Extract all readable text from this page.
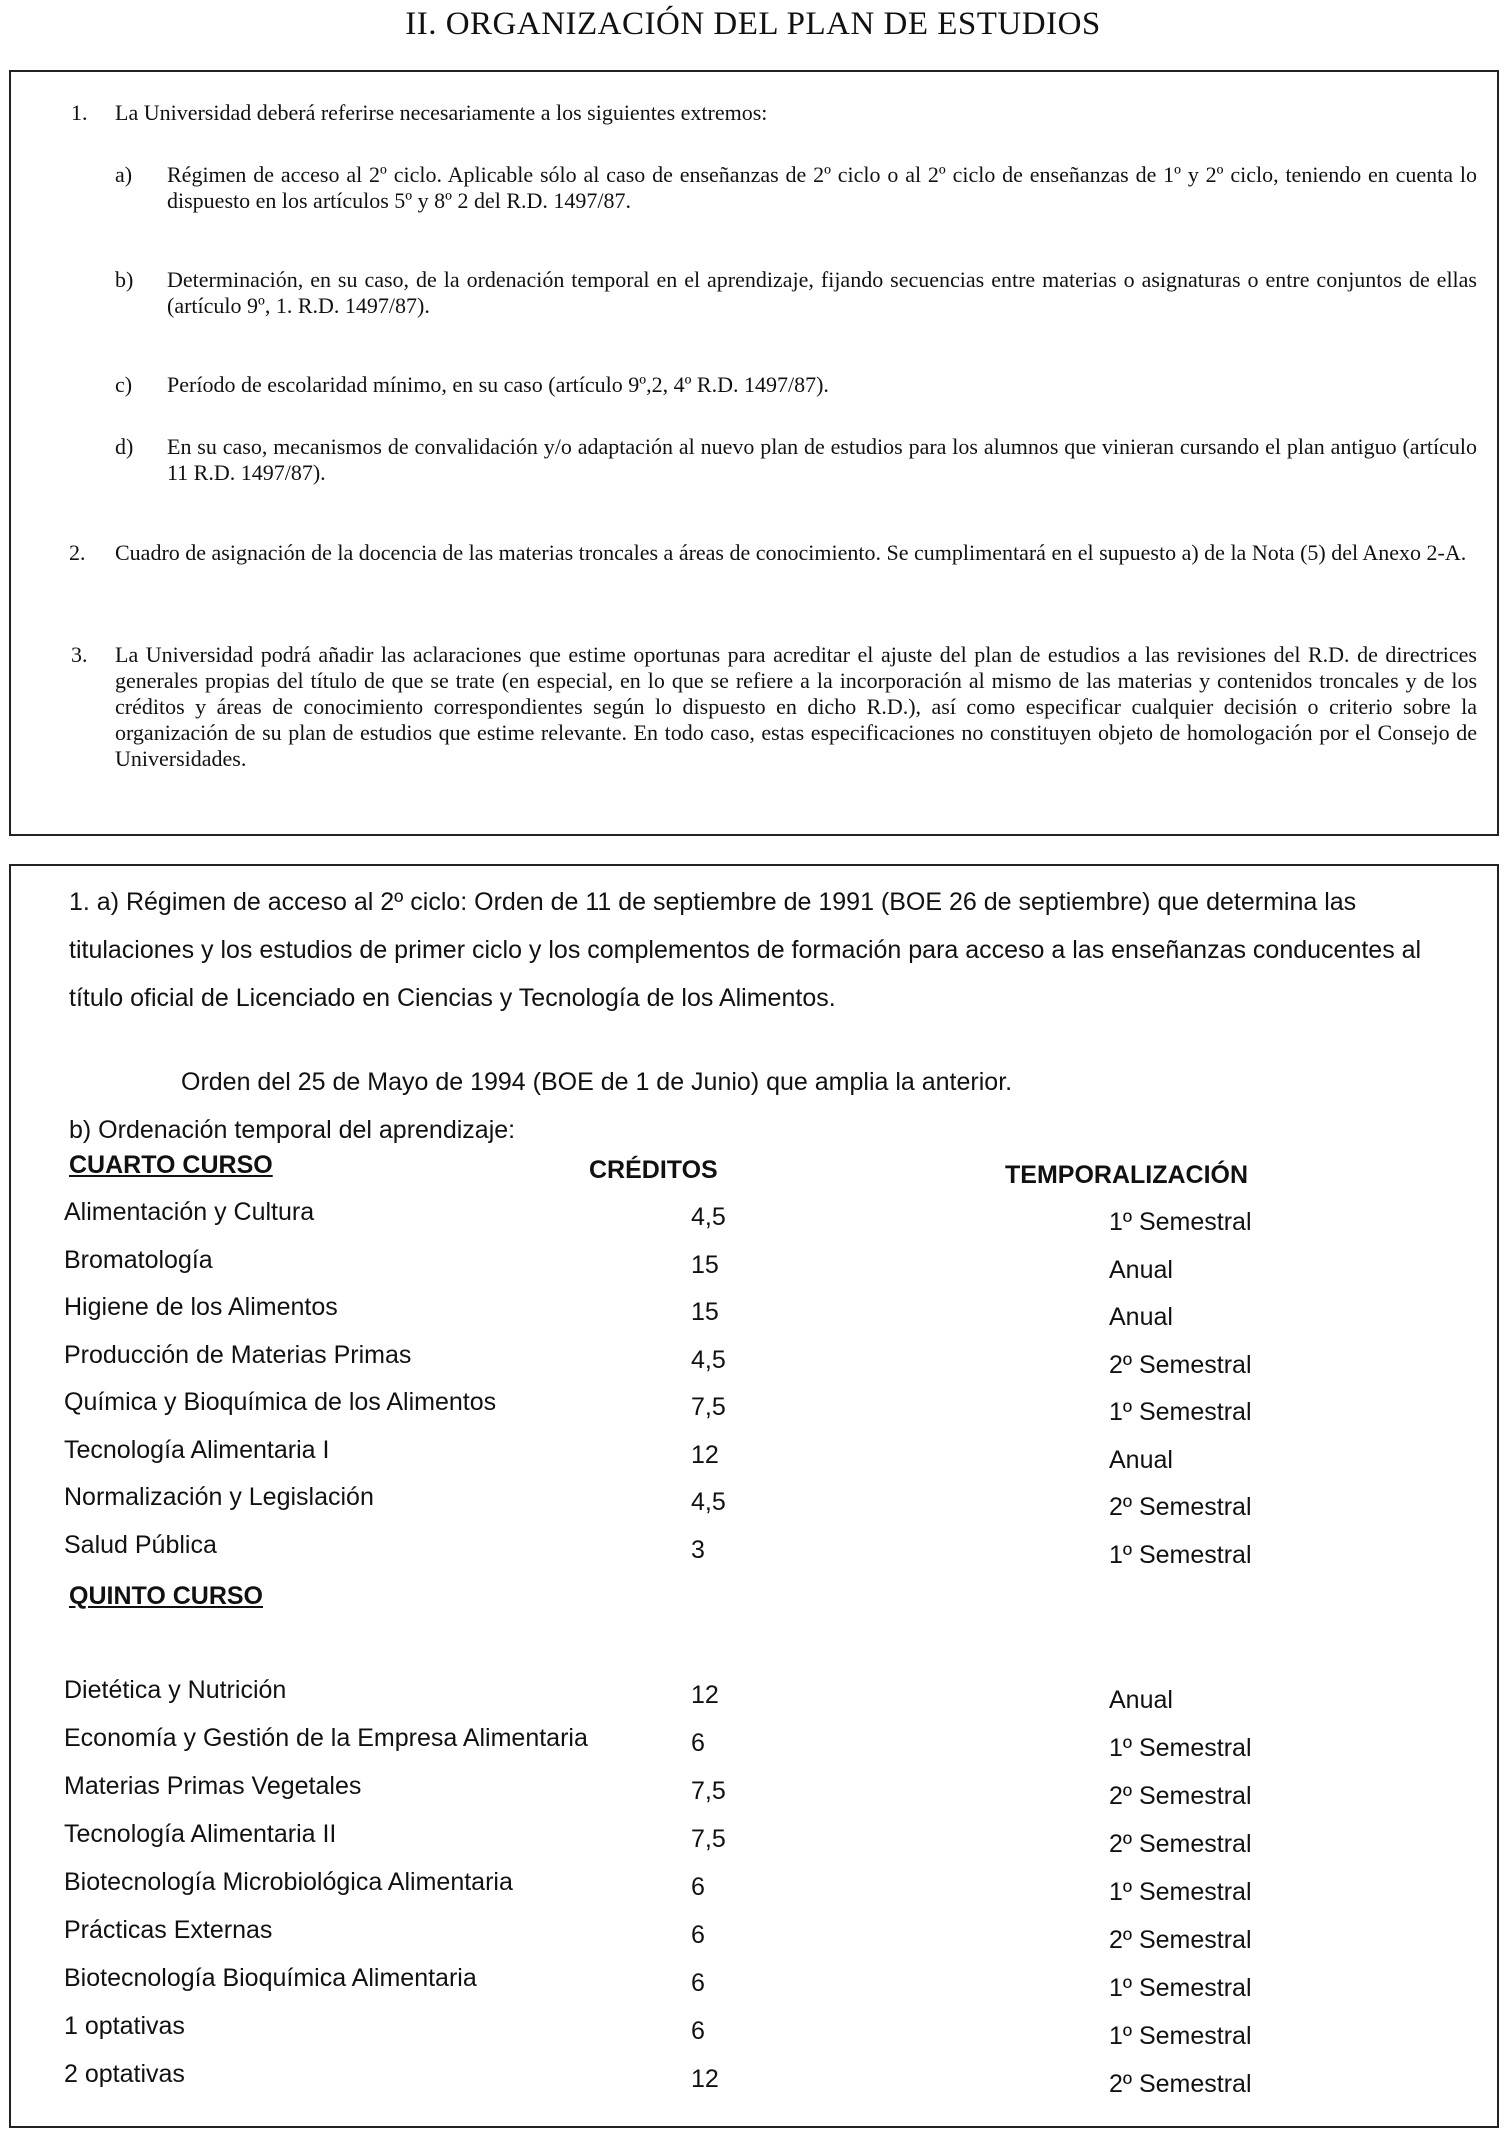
II. ORGANIZACIÓN DEL PLAN DE ESTUDIOS
1. La Universidad deberá referirse necesariamente a los siguientes extremos:
a) Régimen de acceso al 2º ciclo. Aplicable sólo al caso de enseñanzas de 2º ciclo o al 2º ciclo de enseñanzas de 1º y 2º ciclo, teniendo en cuenta lo dispuesto en los artículos 5º y 8º 2 del R.D. 1497/87.
b) Determinación, en su caso, de la ordenación temporal en el aprendizaje, fijando secuencias entre materias o asignaturas o entre conjuntos de ellas (artículo 9º, 1. R.D. 1497/87).
c) Período de escolaridad mínimo, en su caso (artículo 9º,2, 4º R.D. 1497/87).
d) En su caso, mecanismos de convalidación y/o adaptación al nuevo plan de estudios para los alumnos que vinieran cursando el plan antiguo (artículo 11 R.D. 1497/87).
2. Cuadro de asignación de la docencia de las materias troncales a áreas de conocimiento. Se cumplimentará en el supuesto a) de la Nota (5) del Anexo 2-A.
3. La Universidad podrá añadir las aclaraciones que estime oportunas para acreditar el ajuste del plan de estudios a las revisiones del R.D. de directrices generales propias del título de que se trate (en especial, en lo que se refiere a la incorporación al mismo de las materias y contenidos troncales y de los créditos y áreas de conocimiento correspondientes según lo dispuesto en dicho R.D.), así como especificar cualquier decisión o criterio sobre la organización de su plan de estudios que estime relevante. En todo caso, estas especificaciones no constituyen objeto de homologación por el Consejo de Universidades.

1. a) Régimen de acceso al 2º ciclo: Orden de 11 de septiembre de 1991 (BOE 26 de septiembre) que determina las titulaciones y los estudios de primer ciclo y los complementos de formación para acceso a las enseñanzas conducentes al título oficial de Licenciado en Ciencias y Tecnología de los Alimentos.

Orden del 25 de Mayo de 1994 (BOE de 1 de Junio) que amplia la anterior.

b) Ordenación temporal del aprendizaje:

CUARTO CURSO	CRÉDITOS	TEMPORALIZACIÓN
Alimentación y Cultura	4,5	1º Semestral
Bromatología	15	Anual
Higiene de los Alimentos	15	Anual
Producción de Materias Primas	4,5	2º Semestral
Química y Bioquímica de los Alimentos	7,5	1º Semestral
Tecnología Alimentaria I	12	Anual
Normalización y Legislación	4,5	2º Semestral
Salud Pública	3	1º Semestral
QUINTO CURSO
Dietética y Nutrición	12	Anual
Economía y Gestión de la Empresa Alimentaria	6	1º Semestral
Materias Primas Vegetales	7,5	2º Semestral
Tecnología Alimentaria II	7,5	2º Semestral
Biotecnología Microbiológica Alimentaria	6	1º Semestral
Prácticas Externas	6	2º Semestral
Biotecnología Bioquímica Alimentaria	6	1º Semestral
1 optativas	6	1º Semestral
2 optativas	12	2º Semestral
